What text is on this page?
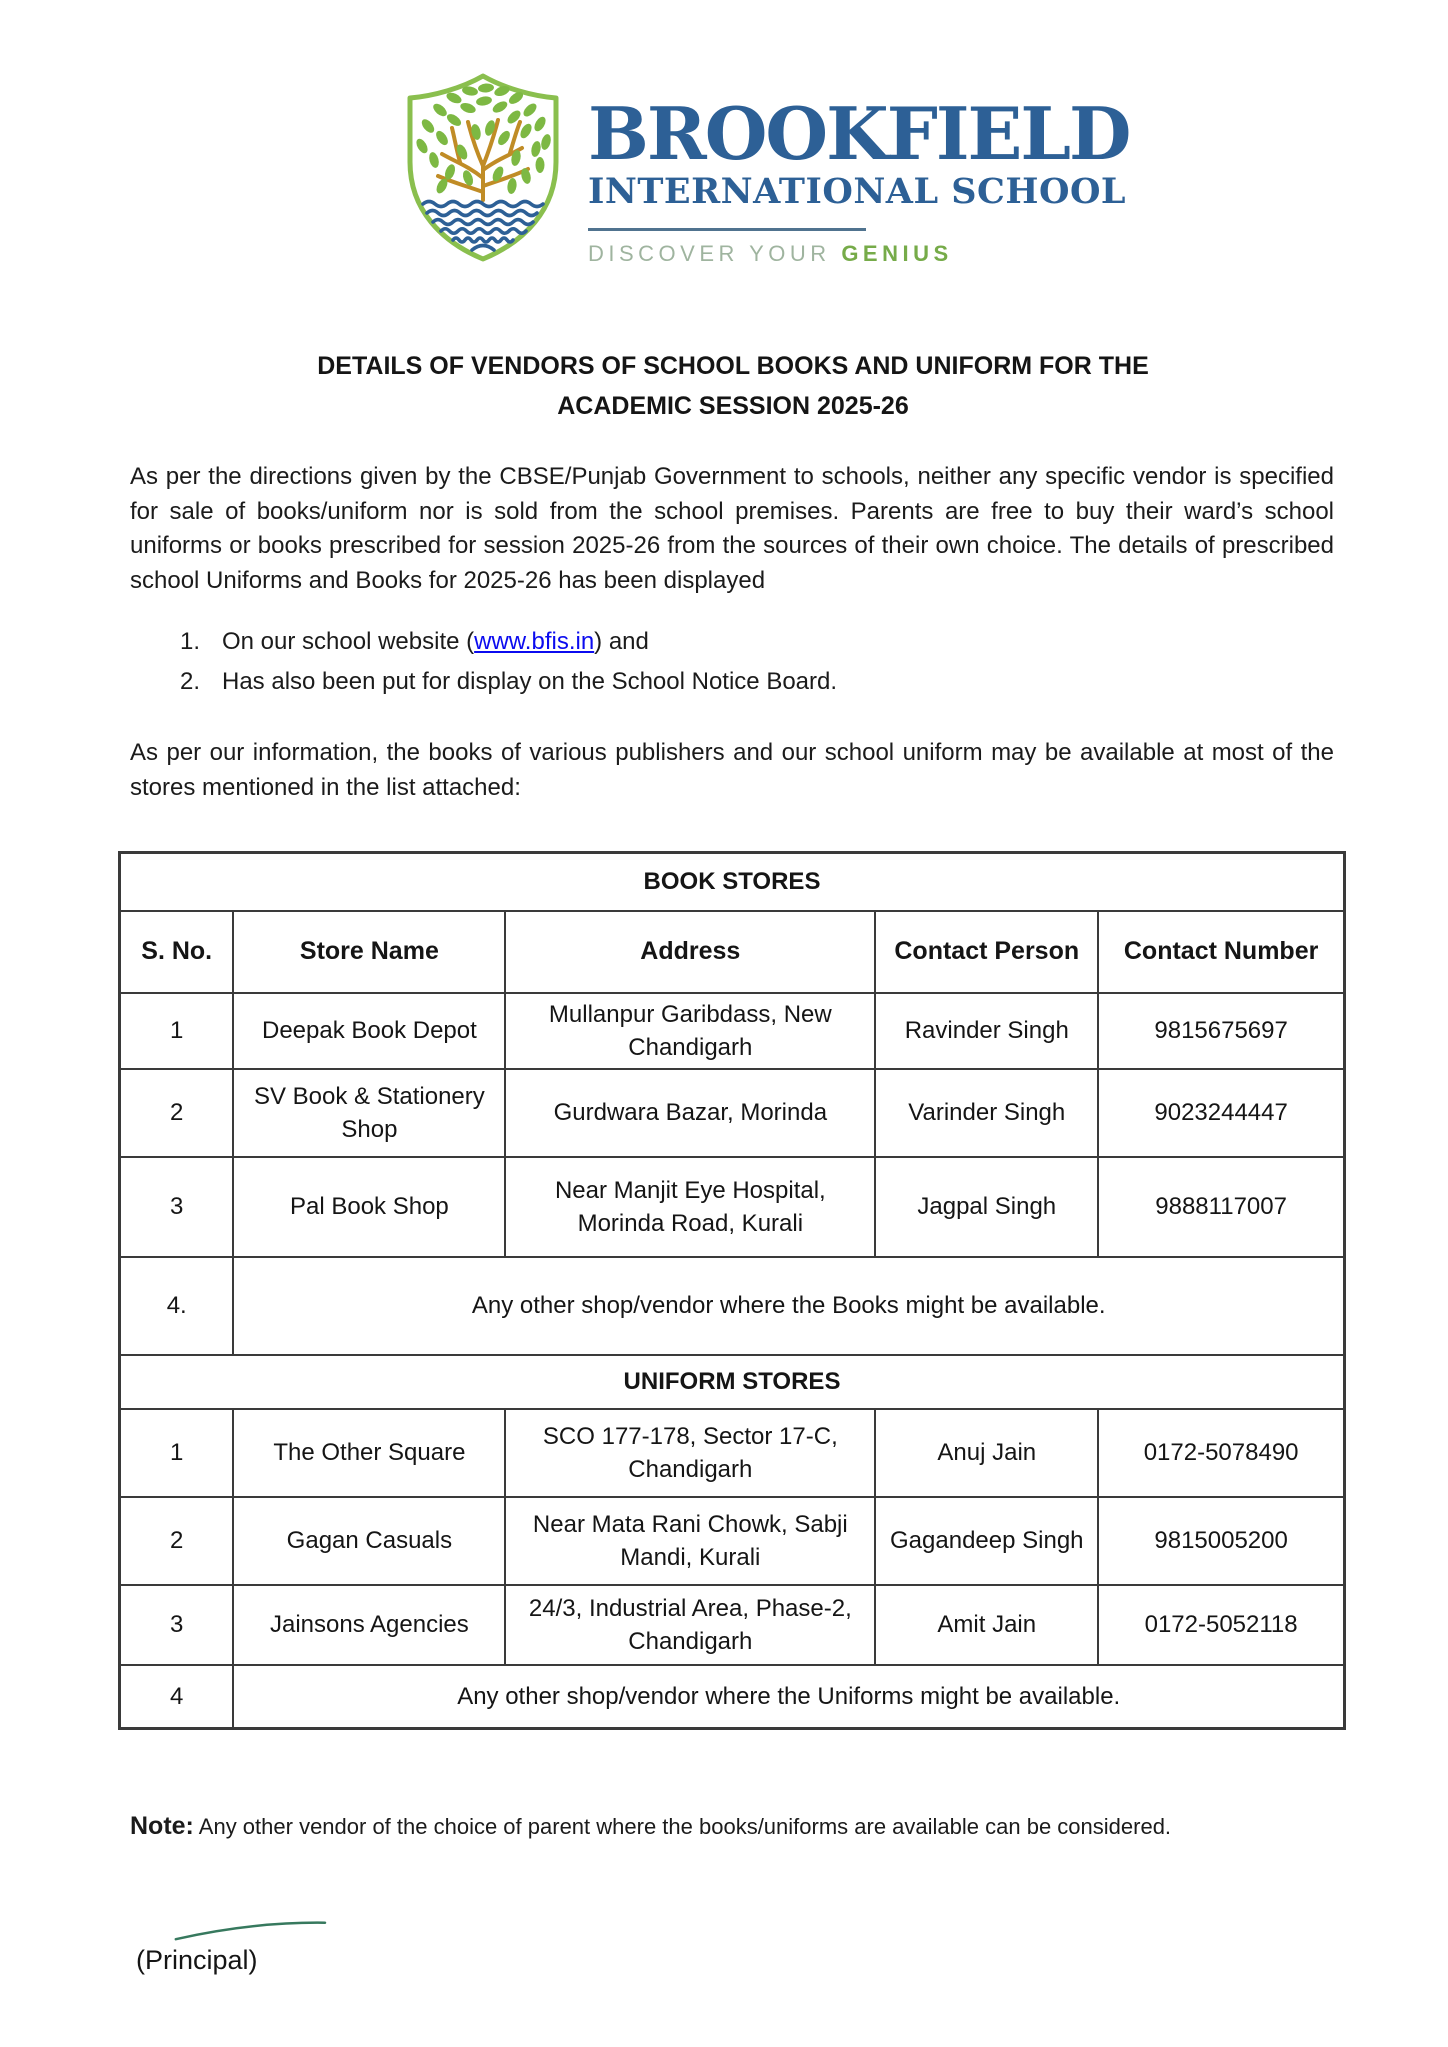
BROOKFIELD
INTERNATIONAL SCHOOL
DISCOVER YOUR GENIUS
DETAILS OF VENDORS OF SCHOOL BOOKS AND UNIFORM FOR THE
ACADEMIC SESSION 2025-26

As per the directions given by the CBSE/Punjab Government to schools, neither any specific vendor is specified for sale of books/uniform nor is sold from the school premises. Parents are free to buy their ward’s school uniforms or books prescribed for session 2025-26 from the sources of their own choice. The details of prescribed school Uniforms and Books for 2025-26 has been displayed

1. On our school website (www.bfis.in) and
2. Has also been put for display on the School Notice Board.

As per our information, the books of various publishers and our school uniform may be available at most of the stores mentioned in the list attached:

BOOK STORES				
S. No.	Store Name	Address	Contact Person	Contact Number
1	Deepak Book Depot	Mullanpur Garibdass, New Chandigarh	Ravinder Singh	9815675697
2	SV Book & Stationery Shop	Gurdwara Bazar, Morinda	Varinder Singh	9023244447
3	Pal Book Shop	Near Manjit Eye Hospital, Morinda Road, Kurali	Jagpal Singh	9888117007
4.	Any other shop/vendor where the Books might be available.			
UNIFORM STORES				
1	The Other Square	SCO 177-178, Sector 17-C, Chandigarh	Anuj Jain	0172-5078490
2	Gagan Casuals	Near Mata Rani Chowk, Sabji Mandi, Kurali	Gagandeep Singh	9815005200
3	Jainsons Agencies	24/3, Industrial Area, Phase-2, Chandigarh	Amit Jain	0172-5052118
4	Any other shop/vendor where the Uniforms might be available.			

Note: Any other vendor of the choice of parent where the books/uniforms are available can be considered.

(Principal)
